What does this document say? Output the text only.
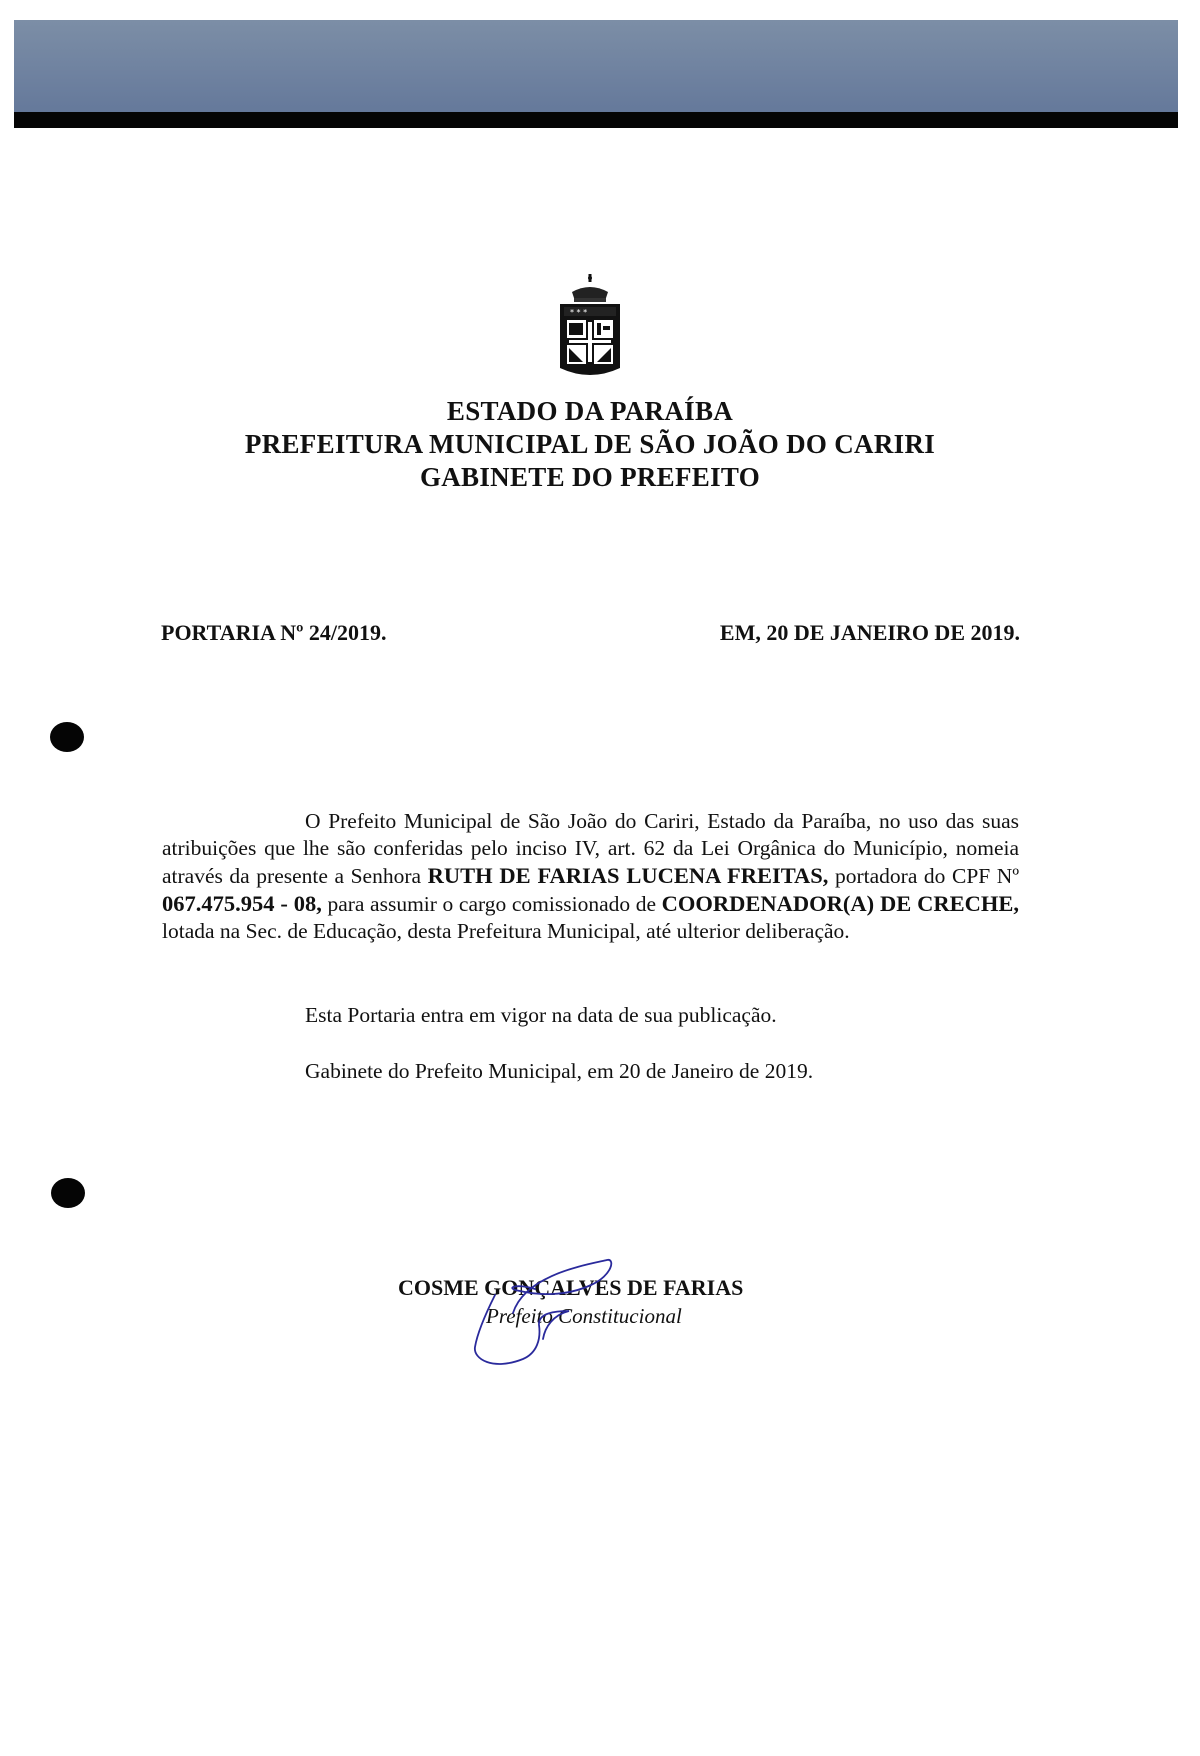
* * *
ESTADO DA PARAÍBA
PREFEITURA MUNICIPAL DE SÃO JOÃO DO CARIRI
GABINETE DO PREFEITO
PORTARIA Nº 24/2019.	EM, 20 DE JANEIRO DE 2019.

O Prefeito Municipal de São João do Cariri, Estado da Paraíba, no uso das suas atribuições que lhe são conferidas pelo inciso IV, art. 62 da Lei Orgânica do Município, nomeia através da presente a Senhora RUTH DE FARIAS LUCENA FREITAS, portadora do CPF Nº 067.475.954 - 08, para assumir o cargo comissionado de COORDENADOR(A) DE CRECHE, lotada na Sec. de Educação, desta Prefeitura Municipal, até ulterior deliberação.

Esta Portaria entra em vigor na data de sua publicação.
Gabinete do Prefeito Municipal, em 20 de Janeiro de 2019.
COSME GONÇALVES DE FARIAS
Prefeito Constitucional
